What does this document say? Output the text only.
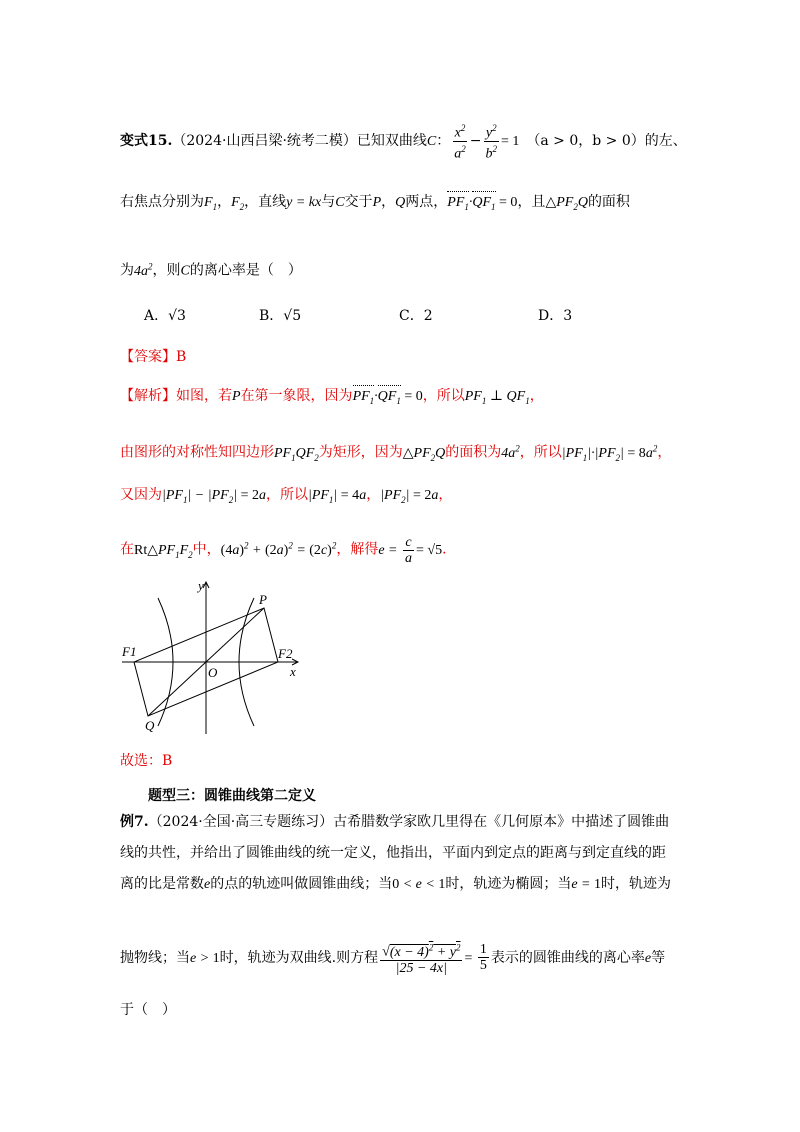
变式15.（2024·山西吕梁·统考二模）已知双曲线C： $\frac{x^2}{a^2} - \frac{y^2}{b^2} = 1$　 （a > 0，b > 0）的左、
右焦点分别为$F_1$，$F_2$，直线y = kx与C交于P，Q两点，$PF_1\cdot QF_1 = 0$，且$\triangle PF_2Q$的面积
为$4a^2$，则C的离心率是（　）
A．√3	B．√5	C．2	D．3
【答案】B
【解析】如图，若P在第一象限，因为$PF_1\cdot QF_1 = 0$，所以$PF_1$ ⊥ $QF_1$，
由图形的对称性知四边形$PF_1QF_2$为矩形，因为$\triangle PF_2Q$的面积为$4a^2$，所以$|PF_1|\cdot|PF_2| = 8a^2$，
又因为$|PF_1| - |PF_2| = 2a$，所以$|PF_1| = 4a$，$|PF_2| = 2a$，
在$Rt\triangle PF_1F_2$中，$(4a)^2 + (2a)^2 = (2c)^2$，解得$e = \frac{c}{a} = √5$.
y
P
F1	F2
O	x
Q
故选：B
题型三：圆锥曲线第二定义
例7.（2024·全国·高三专题练习）古希腊数学家欧几里得在《几何原本》中描述了圆锥曲
线的共性，并给出了圆锥曲线的统一定义，他指出，平面内到定点的距离与到定直线的距
离的比是常数e的点的轨迹叫做圆锥曲线；当0 < e < 1时，轨迹为椭圆；当e = 1时，轨迹为
抛物线；当e > 1时，轨迹为双曲线.则方程 $\frac{√(x - 4)^2 + y^2}{|25 - 4x|} = \frac{1}{5}$ 表示的圆锥曲线的离心率e等
于（　）
